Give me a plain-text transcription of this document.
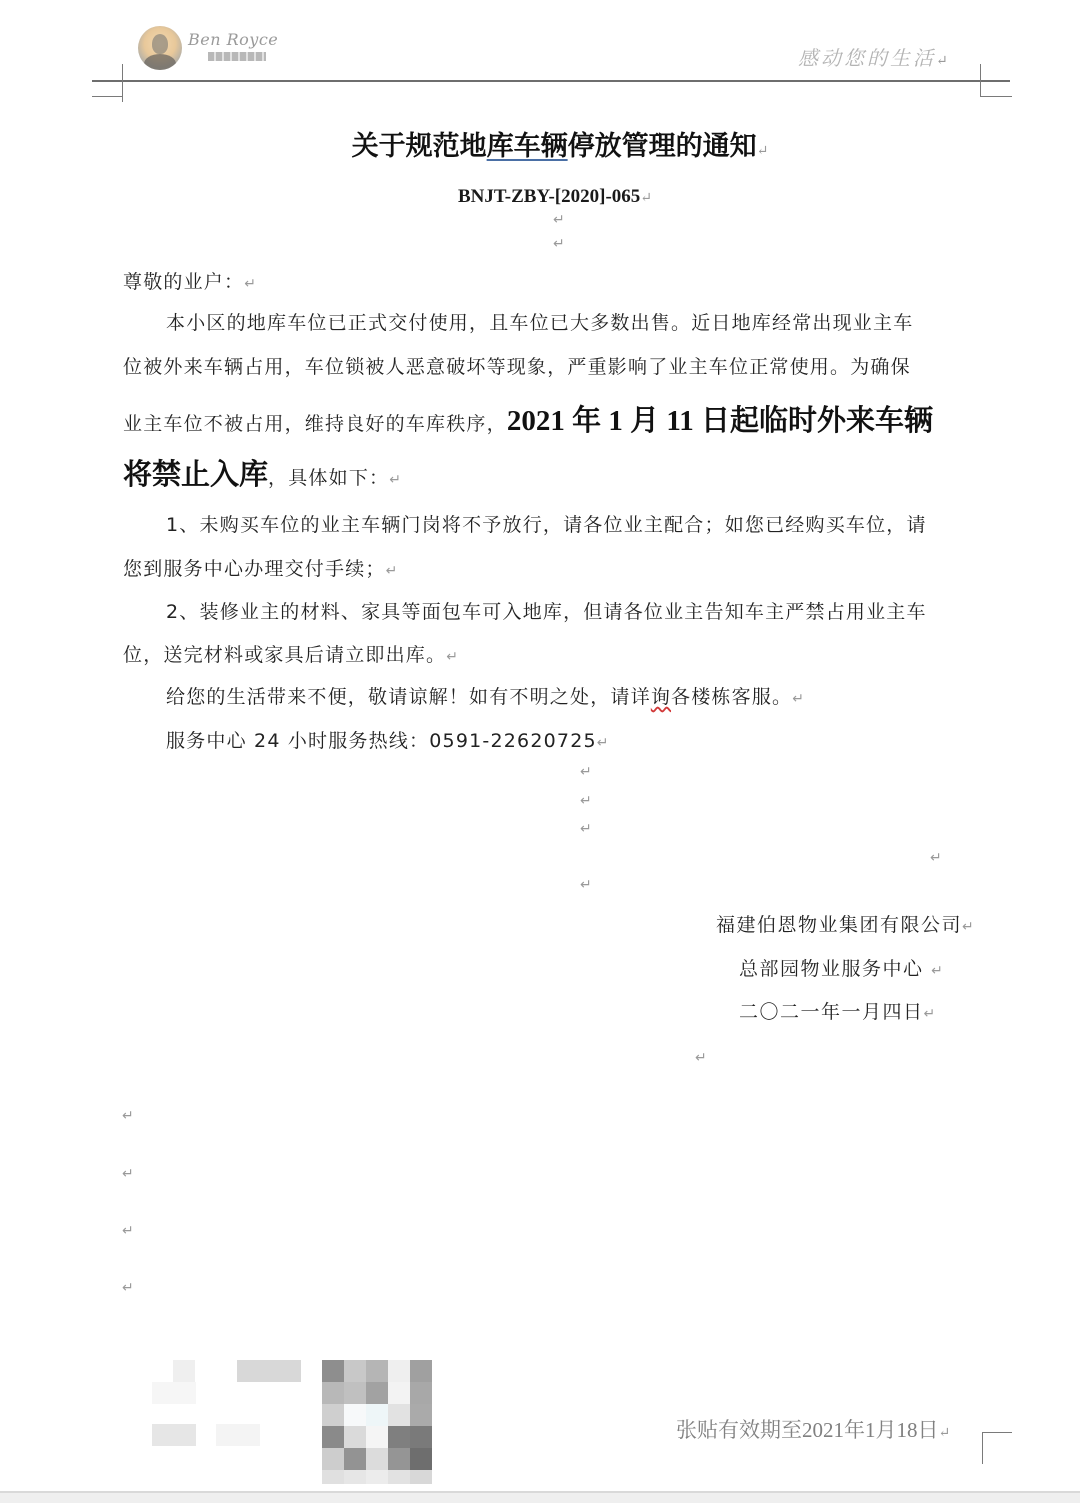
Ben Royce
感动您的生活↵
关于规范地库车辆停放管理的通知↵
BNJT-ZBY-[2020]-065↵
↵
↵
尊敬的业户：↵
本小区的地库车位已正式交付使用，且车位已大多数出售。近日地库经常出现业主车
位被外来车辆占用，车位锁被人恶意破坏等现象，严重影响了业主车位正常使用。为确保
业主车位不被占用，维持良好的车库秩序，2021 年 1 月 11 日起临时外来车辆
将禁止入库，具体如下：↵
1、未购买车位的业主车辆门岗将不予放行，请各位业主配合；如您已经购买车位，请
您到服务中心办理交付手续；↵
2、装修业主的材料、家具等面包车可入地库，但请各位业主告知车主严禁占用业主车
位，送完材料或家具后请立即出库。↵
给您的生活带来不便，敬请谅解！如有不明之处，请详询各楼栋客服。↵
服务中心 24 小时服务热线：0591-22620725↵
↵
↵
↵
↵
↵
福建伯恩物业集团有限公司↵
总部园物业服务中心 ↵
二〇二一年一月四日↵
↵
↵
↵
↵
↵
张贴有效期至2021年1月18日↵
